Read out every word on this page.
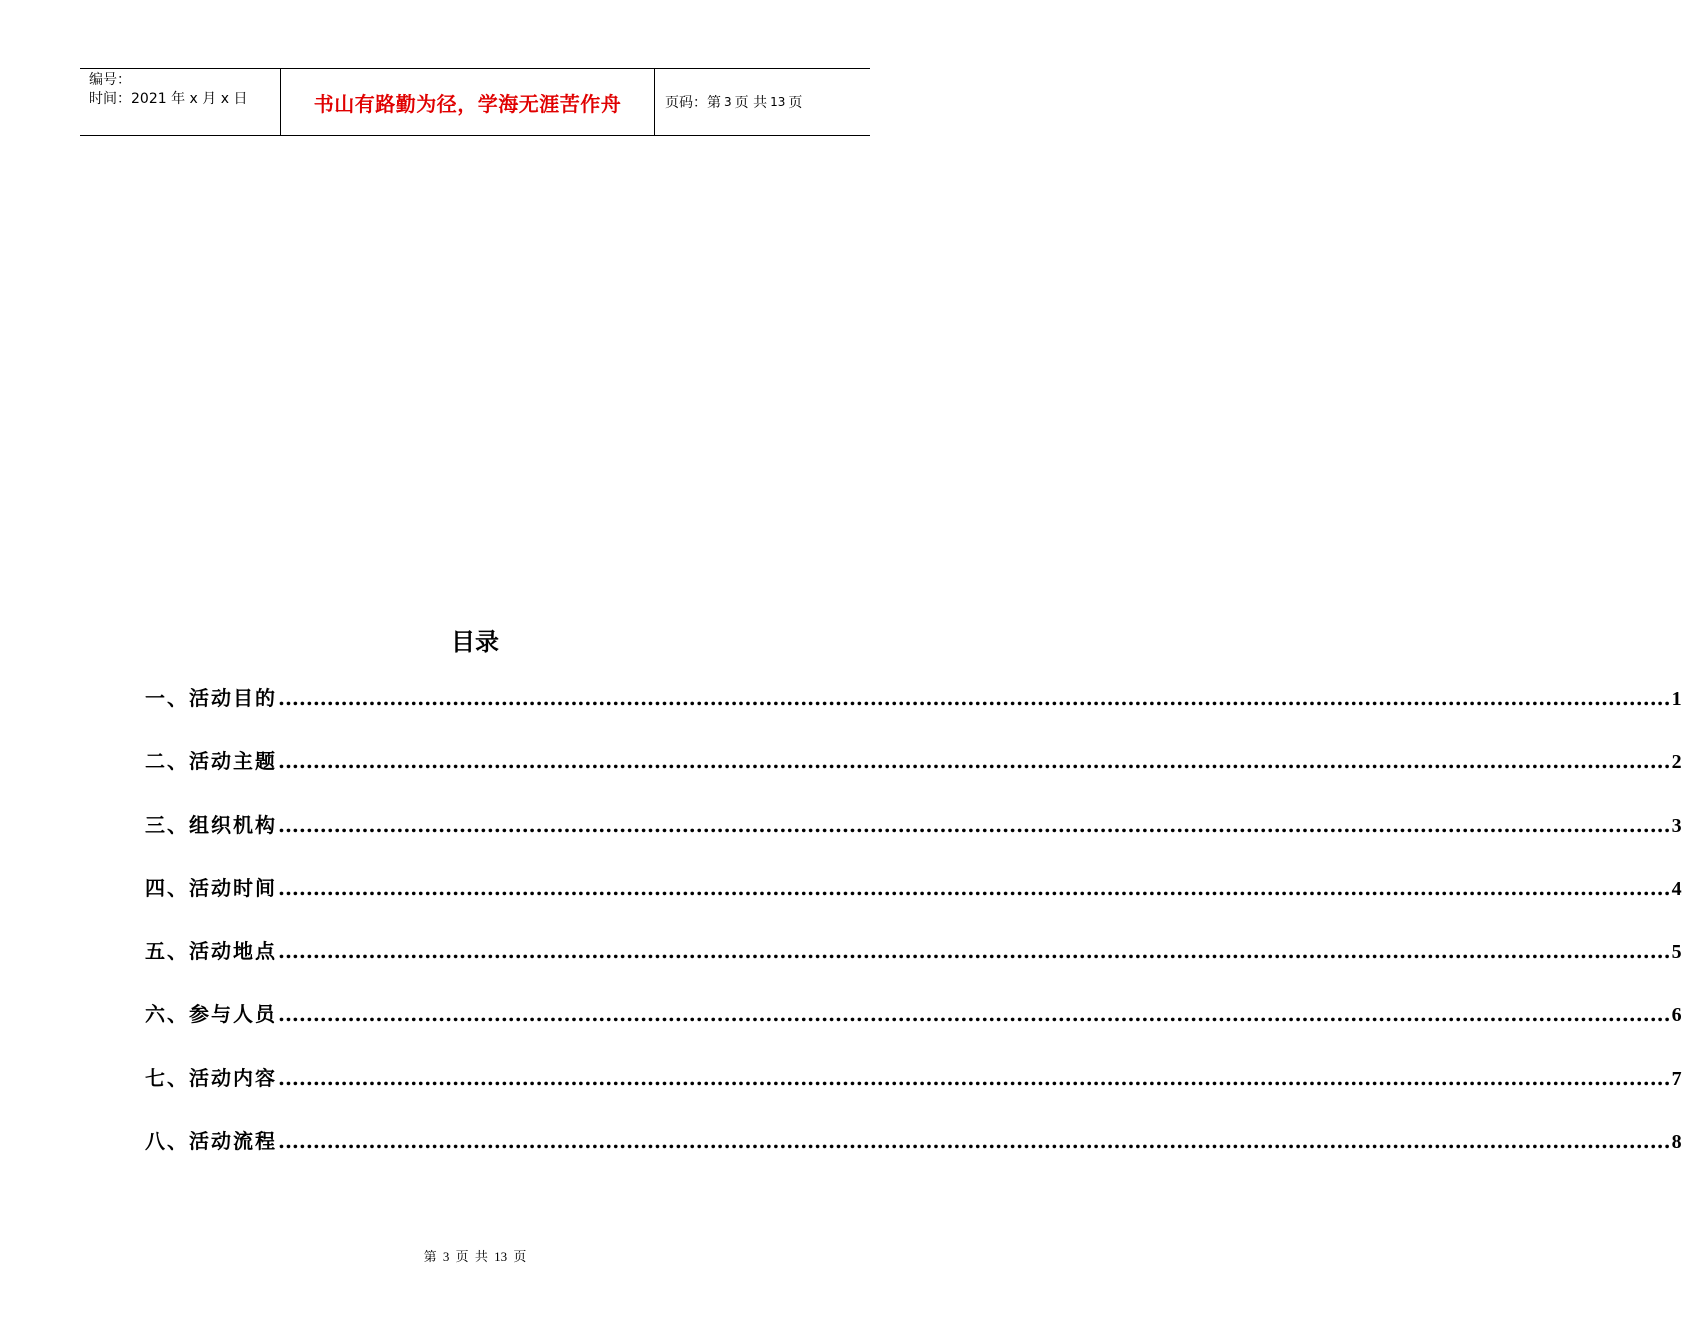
编号：
时间：2021 年 x 月 x 日	书山有路勤为径，学海无涯苦作舟	页码：第 3 页 共 13 页
目录
一、活动目的 ........................................................................................................................................................................................................ 1
二、活动主题 ........................................................................................................................................................................................................ 2
三、组织机构 ........................................................................................................................................................................................................ 3
四、活动时间 ........................................................................................................................................................................................................ 4
五、活动地点 ........................................................................................................................................................................................................ 5
六、参与人员 ........................................................................................................................................................................................................ 6
七、活动内容 ........................................................................................................................................................................................................ 7
八、活动流程 ........................................................................................................................................................................................................ 8
第 3 页 共 13 页
